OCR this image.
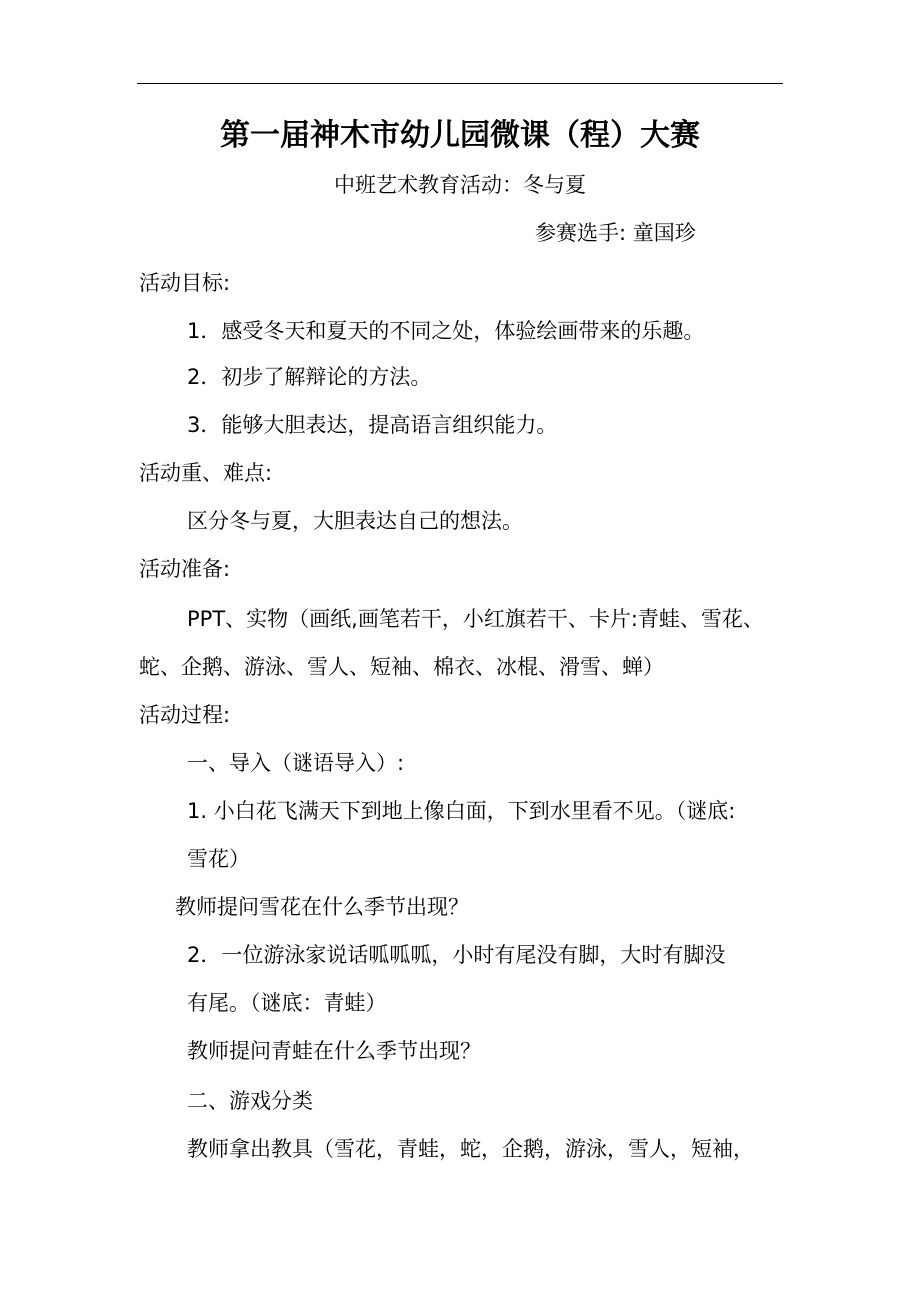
第一届神木市幼儿园微课（程）大赛
中班艺术教育活动：冬与夏
参赛选手: 童国珍
活动目标:
1．感受冬天和夏天的不同之处，体验绘画带来的乐趣。
2．初步了解辩论的方法。
3．能够大胆表达，提高语言组织能力。
活动重、难点:
区分冬与夏，大胆表达自己的想法。
活动准备:
PPT、实物（画纸,画笔若干，小红旗若干、卡片:青蛙、雪花、
蛇、企鹅、游泳、雪人、短袖、棉衣、冰棍、滑雪、蝉）
活动过程:
一、导入（谜语导入）:
1. 小白花飞满天下到地上像白面，下到水里看不见。（谜底:
雪花）
教师提问雪花在什么季节出现？
2．一位游泳家说话呱呱呱，小时有尾没有脚，大时有脚没
有尾。（谜底：青蛙）
教师提问青蛙在什么季节出现？
二、游戏分类
教师拿出教具（雪花，青蛙，蛇，企鹅，游泳，雪人，短袖，
